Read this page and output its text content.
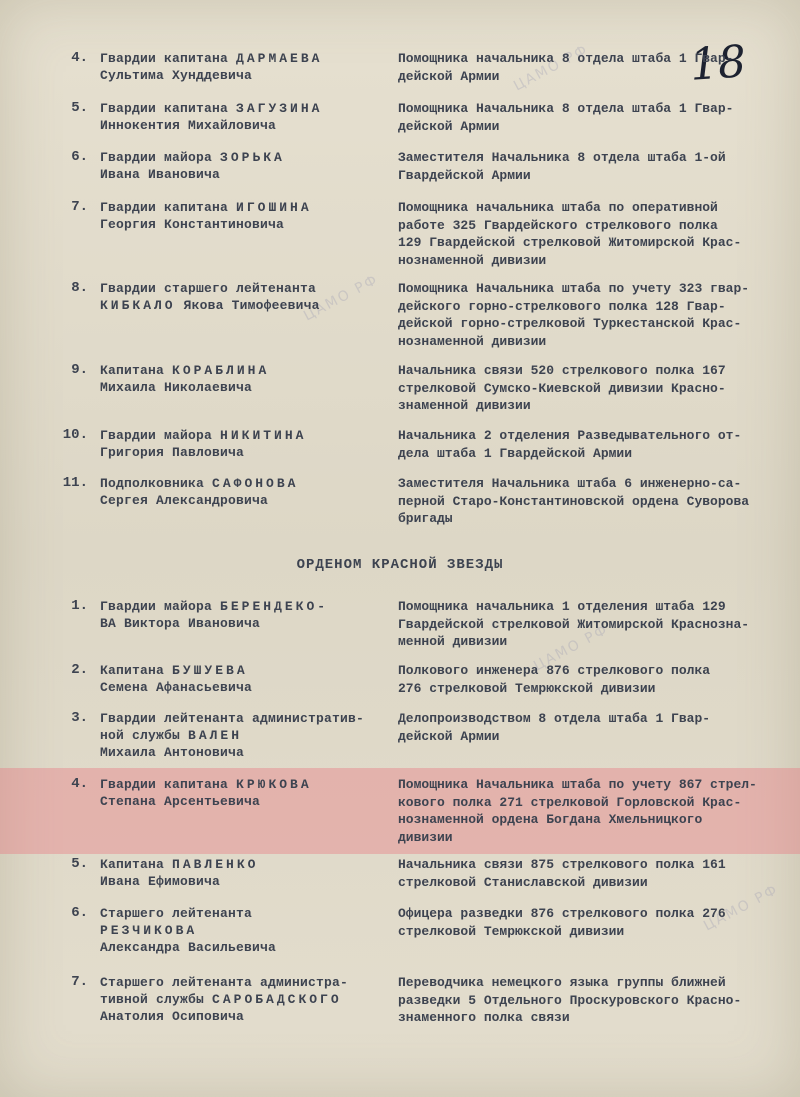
18
ЦАМО РФ
ЦАМО РФ
ЦАМО РФ
ЦАМО РФ
4. Гвардии капитана ДАРМАЕВА
Сультима Хунддевича
Помощника начальника 8 отдела штаба 1 Гвар-
дейской Армии
5. Гвардии капитана ЗАГУЗИНА
Иннокентия Михайловича
Помощника Начальника 8 отдела штаба 1 Гвар-
дейской Армии
6. Гвардии майора ЗОРЬКА
Ивана Ивановича
Заместителя Начальника 8 отдела штаба 1-ой
Гвардейской Армии
7. Гвардии капитана ИГОШИНА
Георгия Константиновича
Помощника начальника штаба по оперативной
работе 325 Гвардейского стрелкового полка
129 Гвардейской стрелковой Житомирской Крас-
нознаменной дивизии
8. Гвардии старшего лейтенанта
КИБКАЛО Якова Тимофеевича
Помощника Начальника штаба по учету 323 гвар-
дейского горно-стрелкового полка 128 Гвар-
дейской горно-стрелковой Туркестанской Крас-
нознаменной дивизии
9. Капитана КОРАБЛИНА
Михаила Николаевича
Начальника связи 520 стрелкового полка 167
стрелковой Сумско-Киевской дивизии Красно-
знаменной дивизии
10. Гвардии майора НИКИТИНА
Григория Павловича
Начальника 2 отделения Разведывательного от-
дела штаба 1 Гвардейской Армии
11. Подполковника САФОНОВА
Сергея Александровича
Заместителя Начальника штаба 6 инженерно-са-
перной Старо-Константиновской ордена Суворова
бригады
ОРДЕНОМ КРАСНОЙ ЗВЕЗДЫ
1. Гвардии майора БЕРЕНДЕКО-
ВА Виктора Ивановича
Помощника начальника 1 отделения штаба 129
Гвардейской стрелковой Житомирской Краснозна-
менной дивизии
2. Капитана БУШУЕВА
Семена Афанасьевича
Полкового инженера 876 стрелкового полка
276 стрелковой Темрюкской дивизии
3. Гвардии лейтенанта административ-
ной службы ВАЛЕН
Михаила Антоновича
Делопроизводством 8 отдела штаба 1 Гвар-
дейской Армии
4. Гвардии капитана КРЮКОВА
Степана Арсентьевича
Помощника Начальника штаба по учету 867 стрел-
кового полка 271 стрелковой Горловской Крас-
нознаменной ордена Богдана Хмельницкого
дивизии
5. Капитана ПАВЛЕНКО
Ивана Ефимовича
Начальника связи 875 стрелкового полка 161
стрелковой Станиславской дивизии
6. Старшего лейтенанта
РЕЗЧИКОВА
Александра Васильевича
Офицера разведки 876 стрелкового полка 276
стрелковой Темрюкской дивизии
7. Старшего лейтенанта администра-
тивной службы САРОБАДСКОГО
Анатолия Осиповича
Переводчика немецкого языка группы ближней
разведки 5 Отдельного Проскуровского Красно-
знаменного полка связи
